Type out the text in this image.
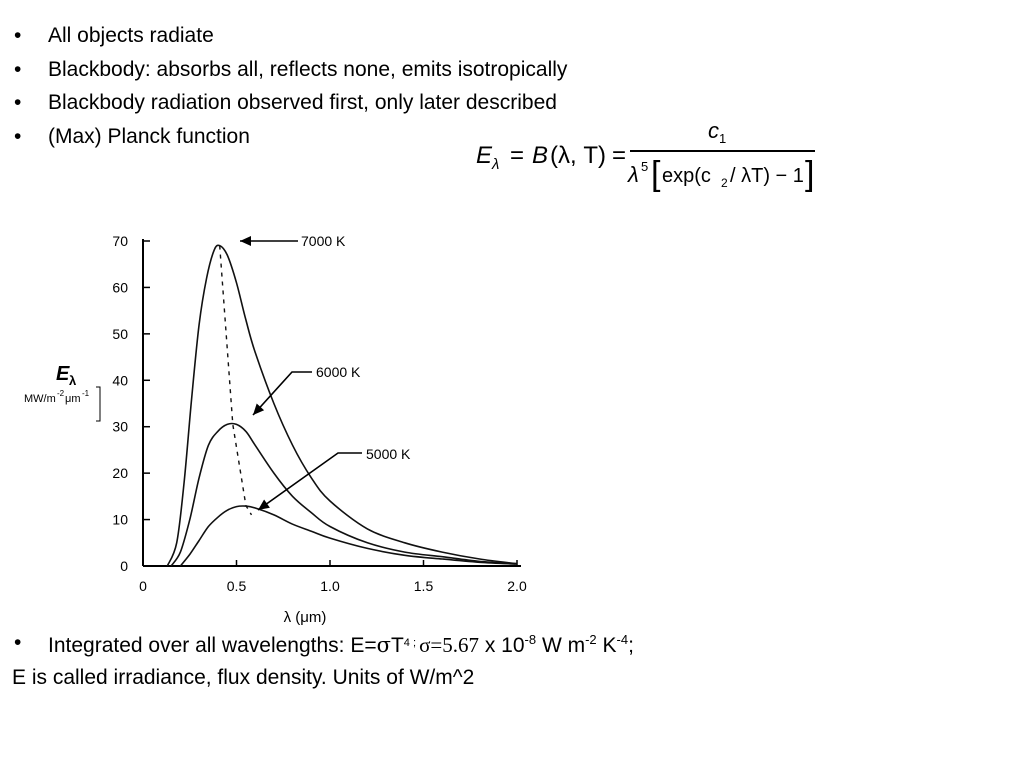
• All objects radiate
• Blackbody: absorbs all, reflects none, emits isotropically
• Blackbody radiation observed first, only later described
• (Max) Planck function
E λ = B (λ, T) =
c 1
λ 5 [ exp(c 2 / λT) − 1 ]
0
10
20
30
40
50
60
70
0	0.5	1.0	1.5	2.0
λ (μm)
E λ
MW/m -2 μm -1
7000 K
6000 K
5000 K
• Integrated over all wavelengths: $E=\sigma T^4$ ; σ=5.67 x $10^{-8}$ W $m^{-2}$ $K^{-4}$;
E is called irradiance, flux density. Units of W/m^2
